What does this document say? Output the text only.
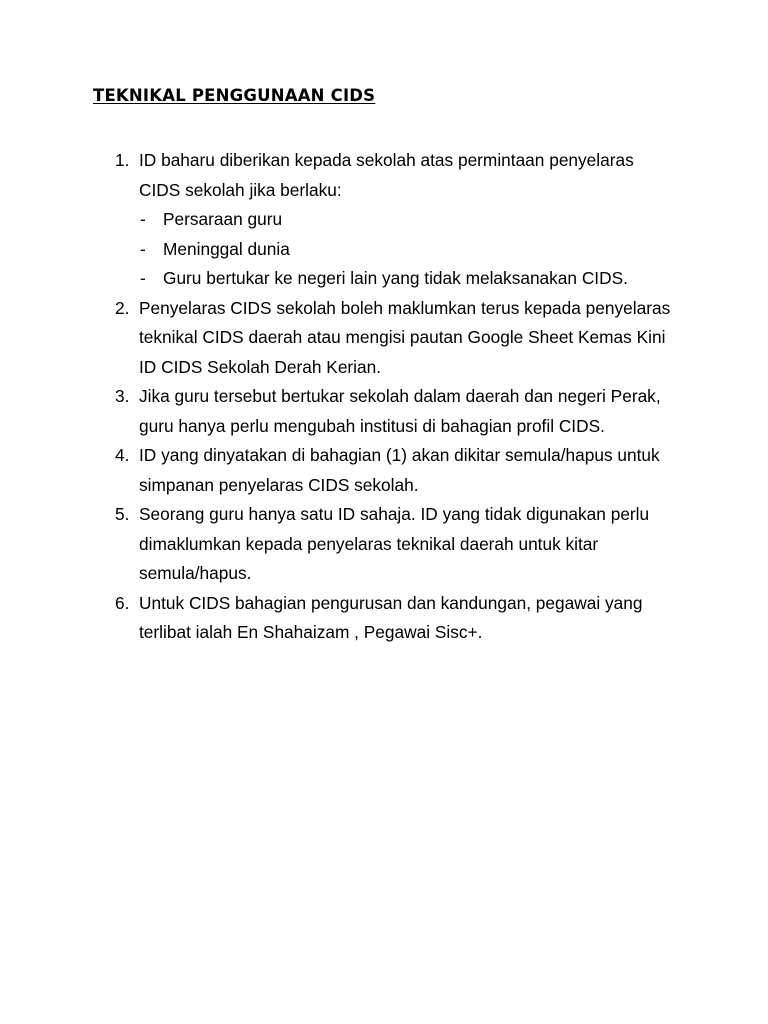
TEKNIKAL PENGGUNAAN CIDS
1. ID baharu diberikan kepada sekolah atas permintaan penyelaras CIDS sekolah jika berlaku:
- Persaraan guru
- Meninggal dunia
- Guru bertukar ke negeri lain yang tidak melaksanakan CIDS.
2. Penyelaras CIDS sekolah boleh maklumkan terus kepada penyelaras teknikal CIDS daerah atau mengisi pautan Google Sheet Kemas Kini ID CIDS Sekolah Derah Kerian.
3. Jika guru tersebut bertukar sekolah dalam daerah dan negeri Perak, guru hanya perlu mengubah institusi di bahagian profil CIDS.
4. ID yang dinyatakan di bahagian (1) akan dikitar semula/hapus untuk simpanan penyelaras CIDS sekolah.
5. Seorang guru hanya satu ID sahaja. ID yang tidak digunakan perlu dimaklumkan kepada penyelaras teknikal daerah untuk kitar semula/hapus.
6. Untuk CIDS bahagian pengurusan dan kandungan, pegawai yang terlibat ialah En Shahaizam , Pegawai Sisc+.
